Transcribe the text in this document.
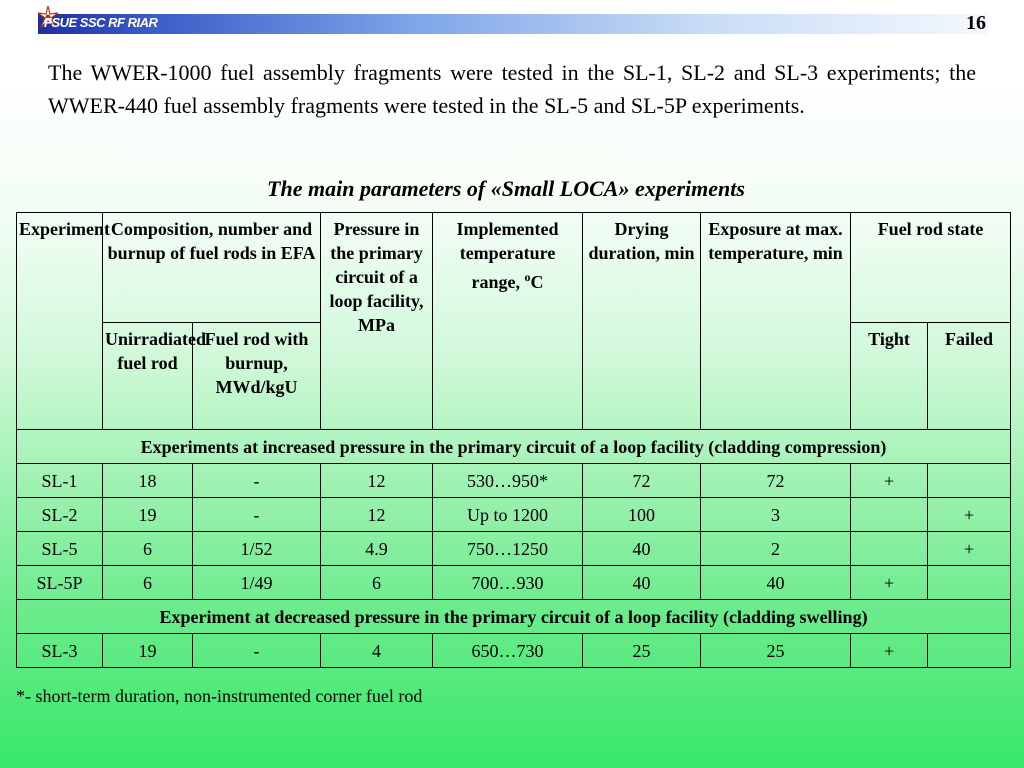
FSUE SSC RF RIAR	16
The WWER-1000 fuel assembly fragments were tested in the SL-1, SL-2 and SL-3 experiments; the WWER-440 fuel assembly fragments were tested in the SL-5 and SL-5P experiments.
The main parameters of «Small LOCA» experiments
Experiment	Composition, number and burnup of fuel rods in EFA		Pressure in the primary circuit of a loop facility, MPa	Implemented temperature range, $^o$C	Drying duration, min	Exposure at max. temperature, min	Fuel rod state	
	Unirradiated fuel rod	Fuel rod with burnup, MWd/kgU					Tight	Failed
Experiments at increased pressure in the primary circuit of a loop facility (cladding compression)								
SL-1	18	-	12	530…950*	72	72	+	
SL-2	19	-	12	Up to 1200	100	3		+
SL-5	6	1/52	4.9	750…1250	40	2		+
SL-5P	6	1/49	6	700…930	40	40	+	
Experiment at decreased pressure in the primary circuit of a loop facility (cladding swelling)								
SL-3	19	-	4	650…730	25	25	+	
*- short-term duration, non-instrumented corner fuel rod
